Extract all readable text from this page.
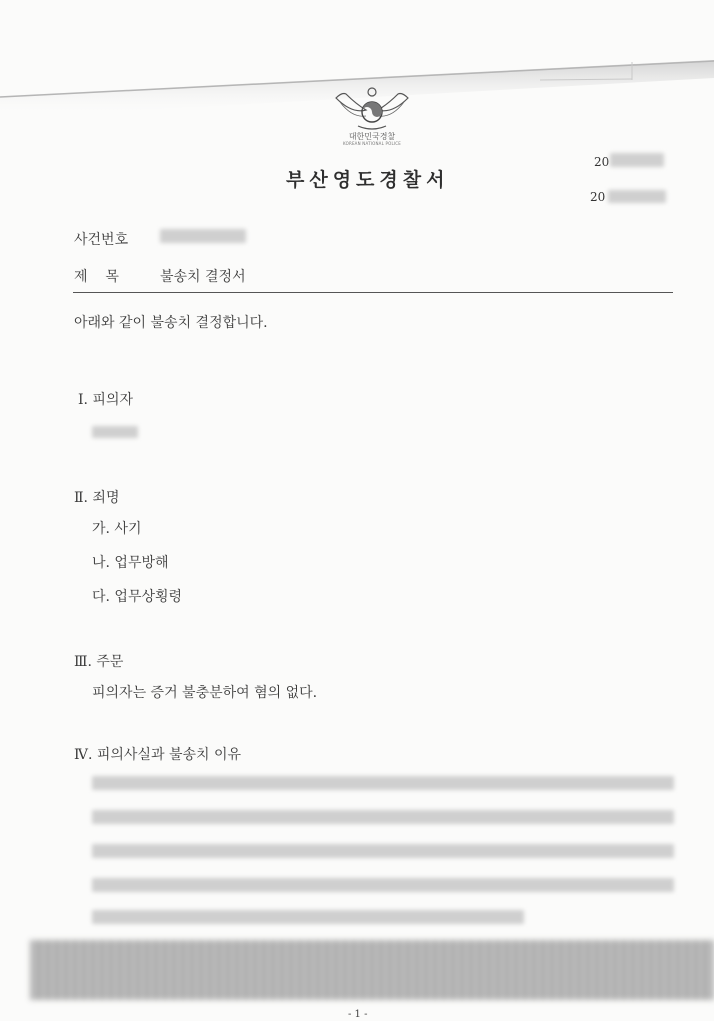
대한민국경찰
KOREAN NATIONAL POLICE
부산영도경찰서
20
20
사건번호
제    목	불송치 결정서
아래와 같이 불송치 결정합니다.
Ⅰ. 피의자
Ⅱ. 죄명
가. 사기
나. 업무방해
다. 업무상횡령
Ⅲ. 주문
피의자는 증거 불충분하여 혐의 없다.
Ⅳ. 피의사실과 불송치 이유
- 1 -
